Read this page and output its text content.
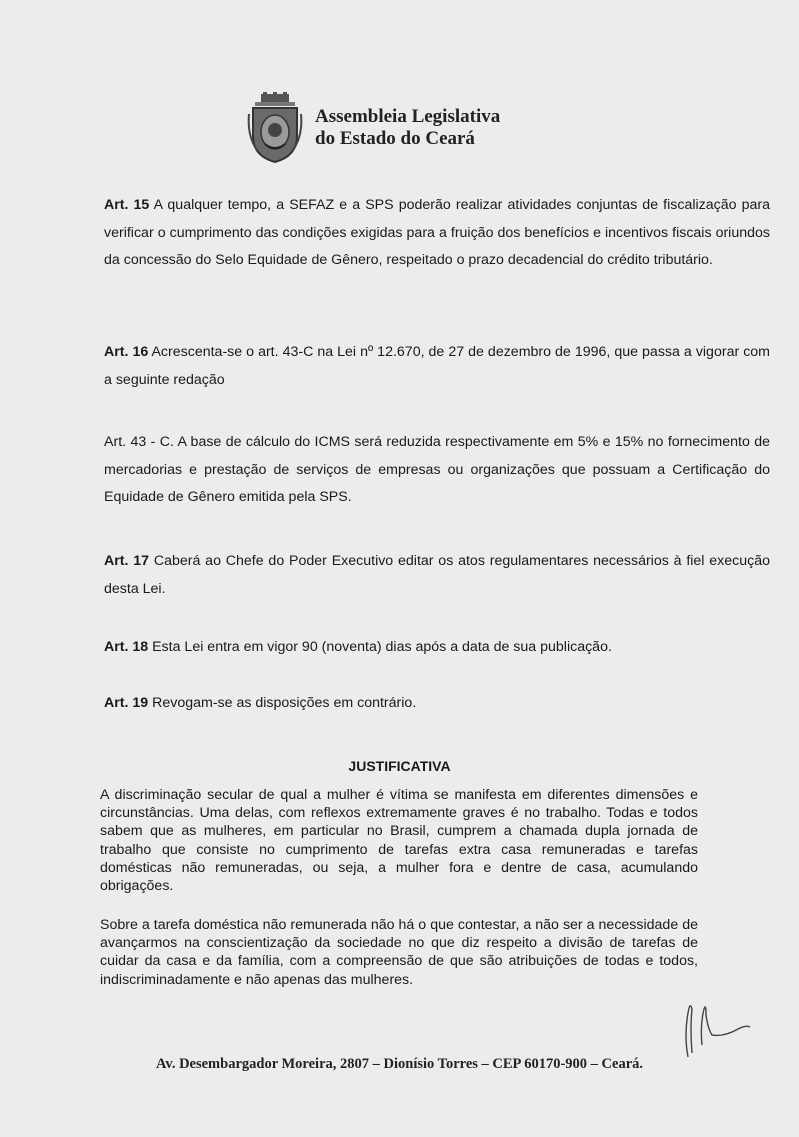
Assembleia Legislativa
do Estado do Ceará
Art. 15 A qualquer tempo, a SEFAZ e a SPS poderão realizar atividades conjuntas de fiscalização para verificar o cumprimento das condições exigidas para a fruição dos benefícios e incentivos fiscais oriundos da concessão do Selo Equidade de Gênero, respeitado o prazo decadencial do crédito tributário.
Art. 16 Acrescenta-se o art. 43-C na Lei nº 12.670, de 27 de dezembro de 1996, que passa a vigorar com a seguinte redação
Art. 43 - C. A base de cálculo do ICMS será reduzida respectivamente em 5% e 15% no fornecimento de mercadorias e prestação de serviços de empresas ou organizações que possuam a Certificação do Equidade de Gênero emitida pela SPS.
Art. 17 Caberá ao Chefe do Poder Executivo editar os atos regulamentares necessários à fiel execução desta Lei.
Art. 18 Esta Lei entra em vigor 90 (noventa) dias após a data de sua publicação.
Art. 19 Revogam-se as disposições em contrário.
JUSTIFICATIVA
A discriminação secular de qual a mulher é vítima se manifesta em diferentes dimensões e circunstâncias. Uma delas, com reflexos extremamente graves é no trabalho. Todas e todos sabem que as mulheres, em particular no Brasil, cumprem a chamada dupla jornada de trabalho que consiste no cumprimento de tarefas extra casa remuneradas e tarefas domésticas não remuneradas, ou seja, a mulher fora e dentre de casa, acumulando obrigações.
Sobre a tarefa doméstica não remunerada não há o que contestar, a não ser a necessidade de avançarmos na conscientização da sociedade no que diz respeito a divisão de tarefas de cuidar da casa e da família, com a compreensão de que são atribuições de todas e todos, indiscriminadamente e não apenas das mulheres.
Av. Desembargador Moreira, 2807 – Dionísio Torres – CEP 60170-900 – Ceará.
